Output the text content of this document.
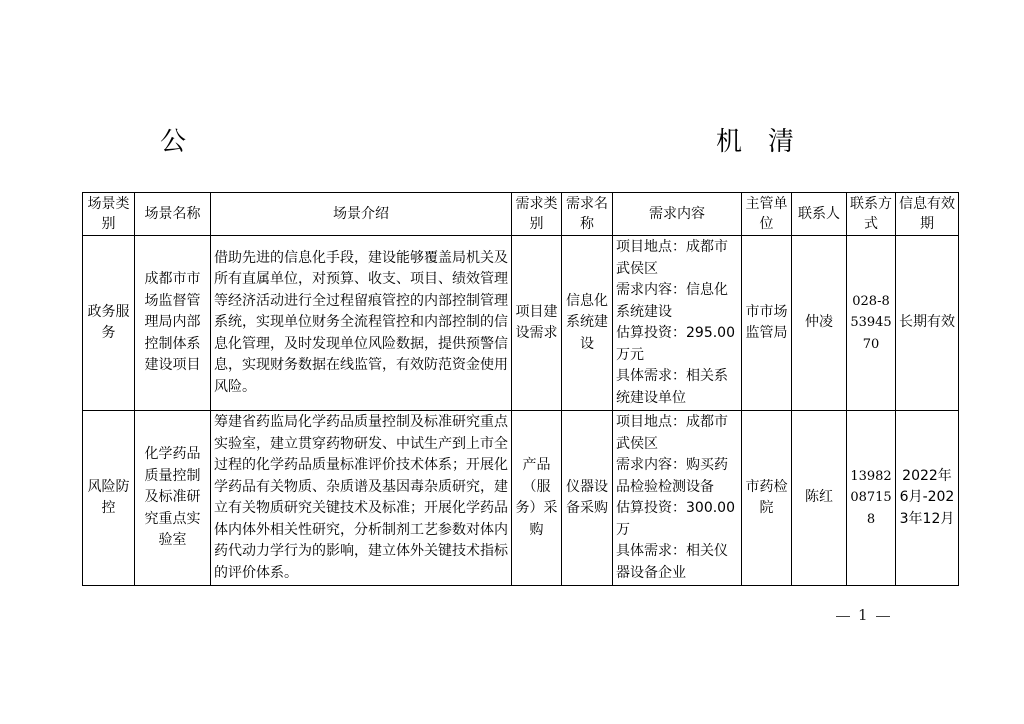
公	机 清
场景类别	场景名称	场景介绍	需求类别	需求名称	需求内容	主管单位	联系人	联系方式	信息有效期
政务服务	成都市市场监督管理局内部控制体系建设项目	借助先进的信息化手段，建设能够覆盖局机关及所有直属单位，对预算、收支、项目、绩效管理等经济活动进行全过程留痕管控的内部控制管理系统，实现单位财务全流程管控和内部控制的信息化管理，及时发现单位风险数据，提供预警信息，实现财务数据在线监管，有效防范资金使用风险。	项目建设需求	信息化系统建设	项目地点：成都市武侯区
需求内容：信息化系统建设
估算投资：295.00万元
具体需求：相关系统建设单位	市市场监管局	仲凌	028-85394570	长期有效
风险防控	化学药品质量控制及标准研究重点实验室	筹建省药监局化学药品质量控制及标准研究重点实验室，建立贯穿药物研发、中试生产到上市全过程的化学药品质量标准评价技术体系；开展化学药品有关物质、杂质谱及基因毒杂质研究，建立有关物质研究关键技术及标准；开展化学药品体内体外相关性研究，分析制剂工艺参数对体内药代动力学行为的影响，建立体外关键技术指标的评价体系。	产品（服务）采购	仪器设备采购	项目地点：成都市武侯区
需求内容：购买药品检验检测设备
估算投资：300.00万
具体需求：相关仪器设备企业	市药检院	陈红	13982087158	2022年6月-2023年12月
1
